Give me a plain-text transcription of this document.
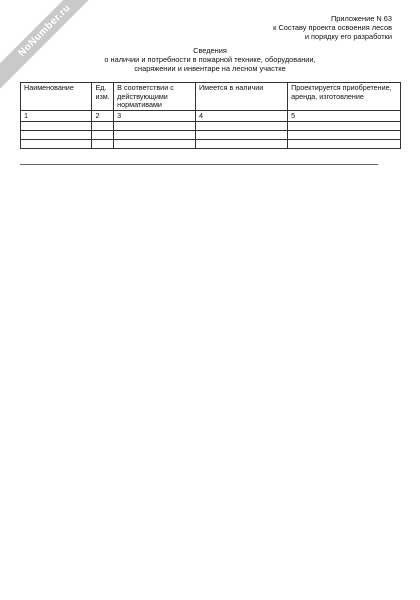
NoNumber.ru	Приложение N 63
к Составу проекта освоения лесов
и порядку его разработки
Сведения
о наличии и потребности в пожарной технике, оборудовании,
снаряжении и инвентаре на лесном участке
Наименование	Ед. изм.	В соответствии с действующими нормативами	Имеется в наличии	Проектируется приобретение, аренда, изготовление
1	2	3	4	5
